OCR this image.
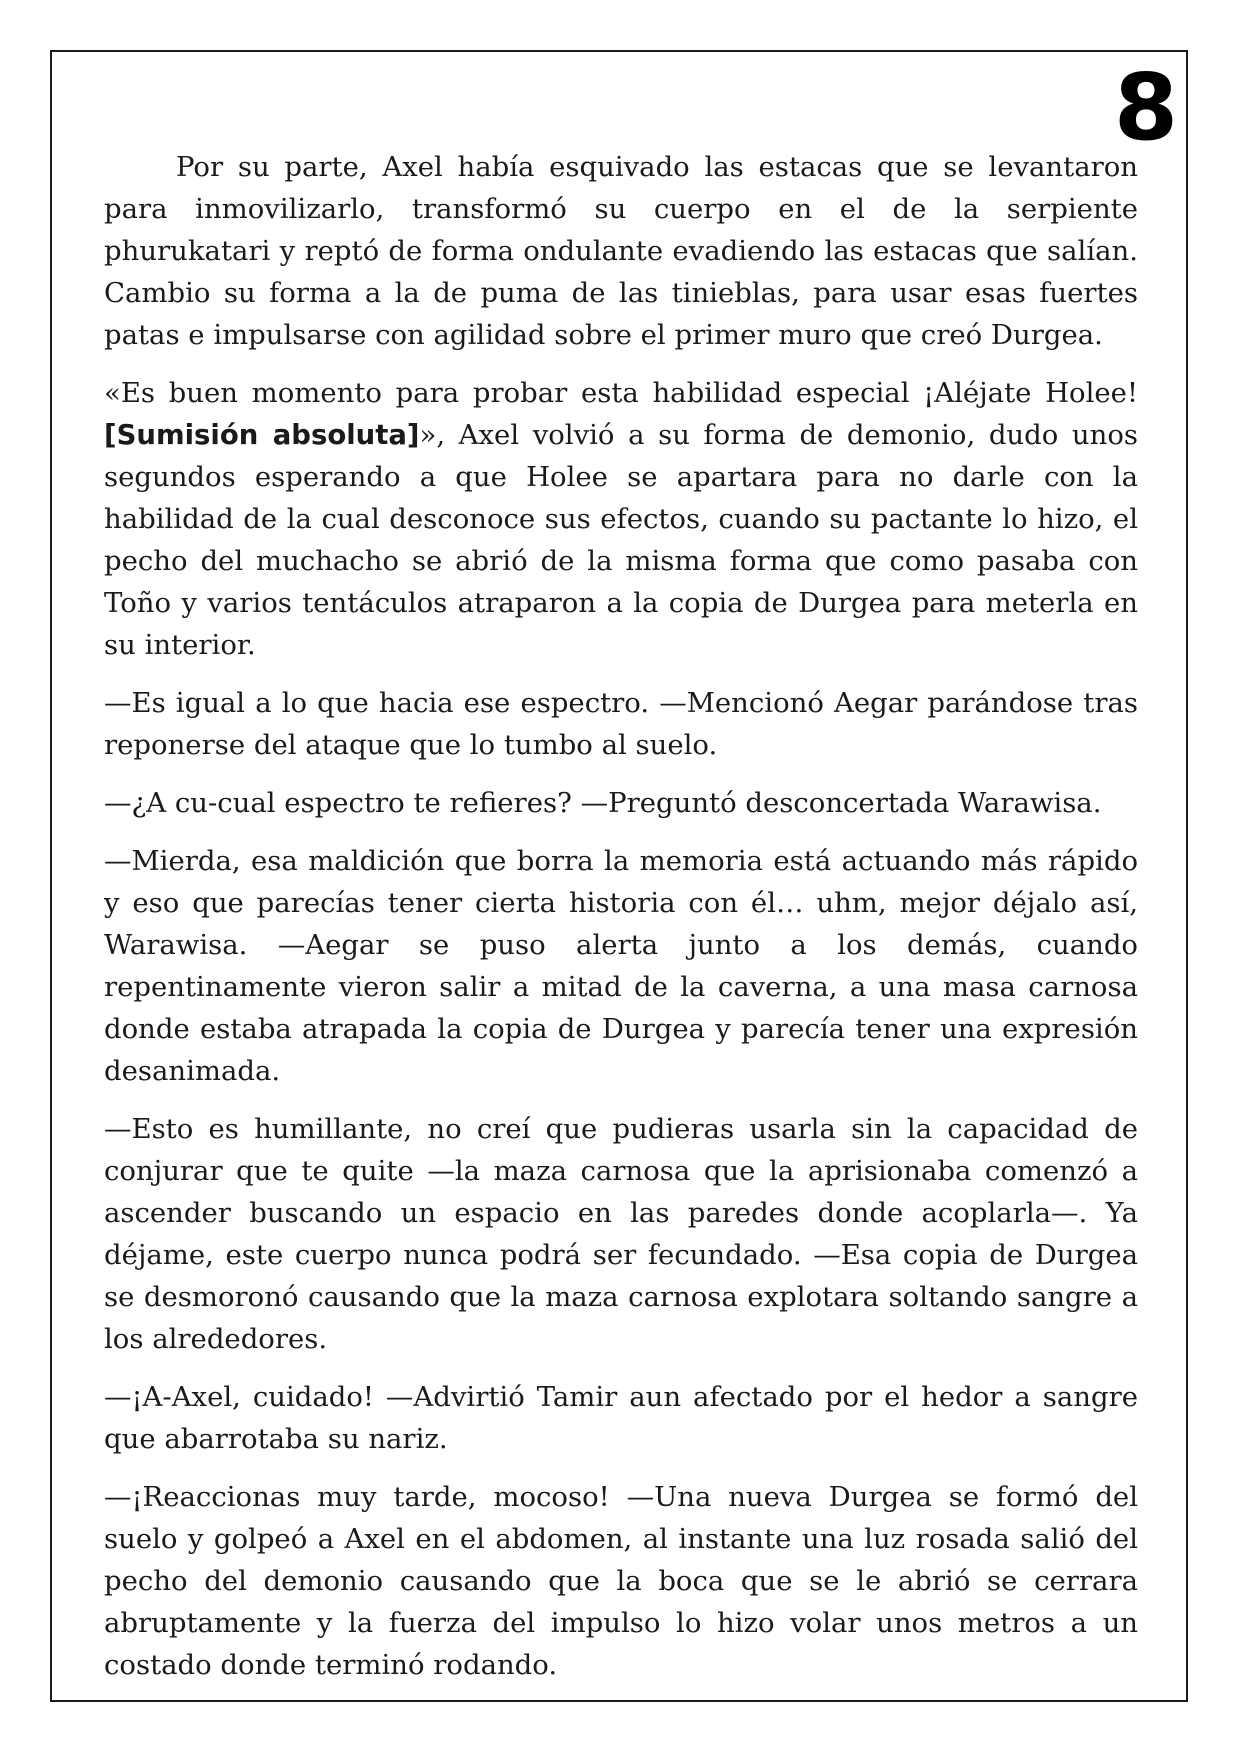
8

Por su parte, Axel había esquivado las estacas que se levantaron para inmovilizarlo, transformó su cuerpo en el de la serpiente phurukatari y reptó de forma ondulante evadiendo las estacas que salían. Cambio su forma a la de puma de las tinieblas, para usar esas fuertes patas e impulsarse con agilidad sobre el primer muro que creó Durgea.

«Es buen momento para probar esta habilidad especial ¡Aléjate Holee! [Sumisión absoluta]», Axel volvió a su forma de demonio, dudo unos segundos esperando a que Holee se apartara para no darle con la habilidad de la cual desconoce sus efectos, cuando su pactante lo hizo, el pecho del muchacho se abrió de la misma forma que como pasaba con Toño y varios tentáculos atraparon a la copia de Durgea para meterla en su interior.

—Es igual a lo que hacia ese espectro. —Mencionó Aegar parándose tras reponerse del ataque que lo tumbo al suelo.

—¿A cu-cual espectro te refieres? —Preguntó desconcertada Warawisa.

—Mierda, esa maldición que borra la memoria está actuando más rápido y eso que parecías tener cierta historia con él… uhm, mejor déjalo así, Warawisa. —Aegar se puso alerta junto a los demás, cuando repentinamente vieron salir a mitad de la caverna, a una masa carnosa donde estaba atrapada la copia de Durgea y parecía tener una expresión desanimada.

—Esto es humillante, no creí que pudieras usarla sin la capacidad de conjurar que te quite —la maza carnosa que la aprisionaba comenzó a ascender buscando un espacio en las paredes donde acoplarla—. Ya déjame, este cuerpo nunca podrá ser fecundado. —Esa copia de Durgea se desmoronó causando que la maza carnosa explotara soltando sangre a los alrededores.

—¡A-Axel, cuidado! —Advirtió Tamir aun afectado por el hedor a sangre que abarrotaba su nariz.

—¡Reaccionas muy tarde, mocoso! —Una nueva Durgea se formó del suelo y golpeó a Axel en el abdomen, al instante una luz rosada salió del pecho del demonio causando que la boca que se le abrió se cerrara abruptamente y la fuerza del impulso lo hizo volar unos metros a un costado donde terminó rodando.
